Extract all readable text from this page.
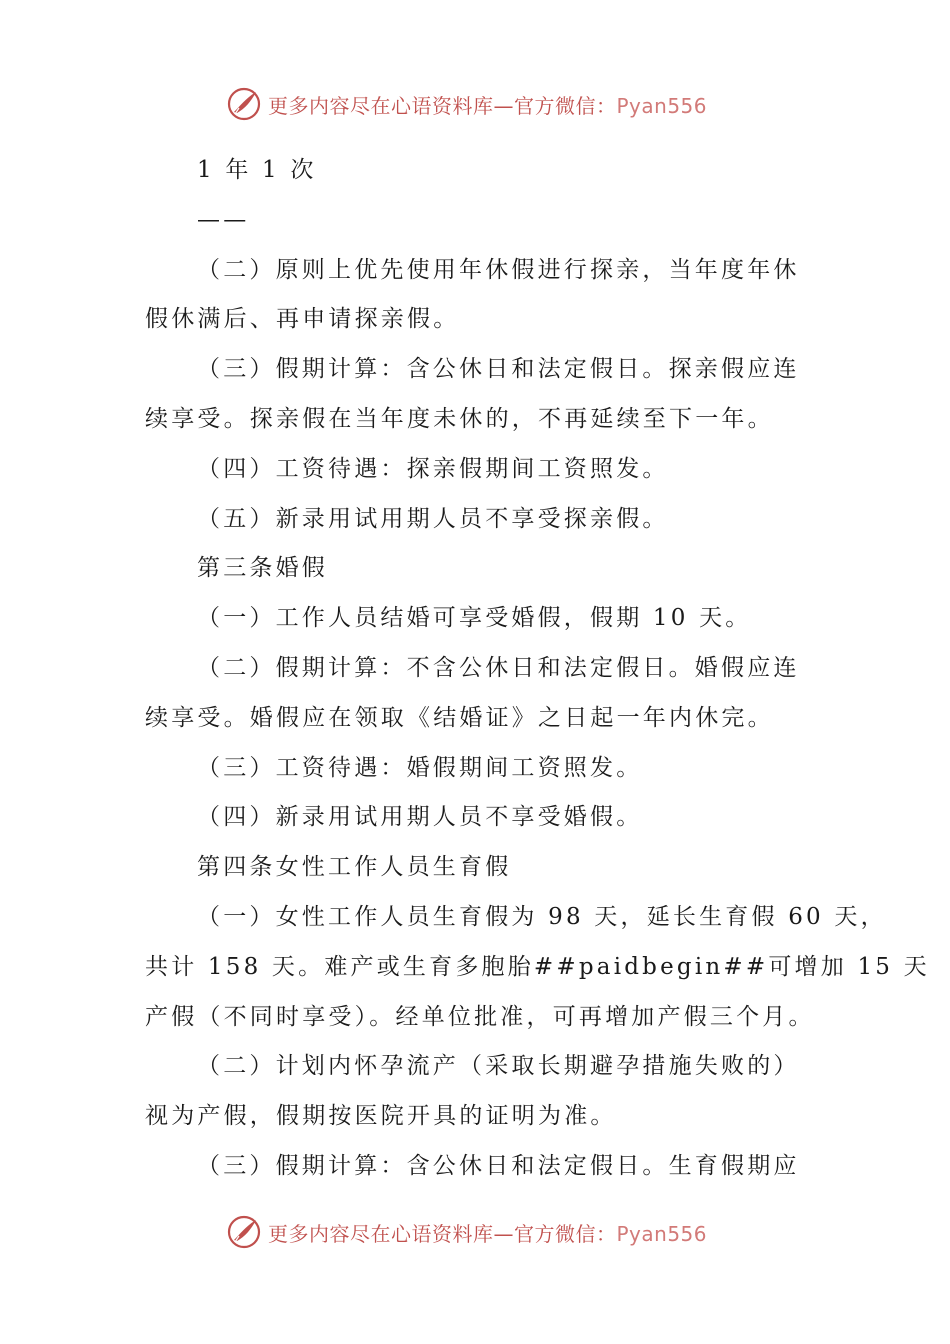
更多内容尽在心语资料库—官方微信：Pyan556
1 年 1 次
——
（二）原则上优先使用年休假进行探亲，当年度年休
假休满后、再申请探亲假。
（三）假期计算：含公休日和法定假日。探亲假应连
续享受。探亲假在当年度未休的，不再延续至下一年。
（四）工资待遇：探亲假期间工资照发。
（五）新录用试用期人员不享受探亲假。
第三条婚假
（一）工作人员结婚可享受婚假，假期 10 天。
（二）假期计算：不含公休日和法定假日。婚假应连
续享受。婚假应在领取《结婚证》之日起一年内休完。
（三）工资待遇：婚假期间工资照发。
（四）新录用试用期人员不享受婚假。
第四条女性工作人员生育假
（一）女性工作人员生育假为 98 天，延长生育假 60 天，
共计 158 天。难产或生育多胞胎##paidbegin##可增加 15 天
产假（不同时享受）。经单位批准，可再增加产假三个月。
（二）计划内怀孕流产（采取长期避孕措施失败的）
视为产假，假期按医院开具的证明为准。
（三）假期计算：含公休日和法定假日。生育假期应
更多内容尽在心语资料库—官方微信：Pyan556
